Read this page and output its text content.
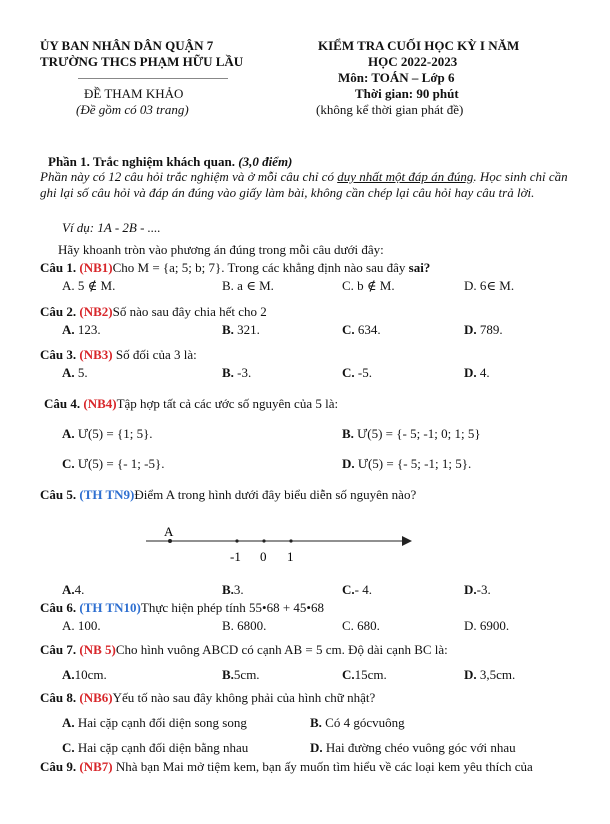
ỦY BAN NHÂN DÂN QUẬN 7
TRƯỜNG THCS PHẠM HỮU LẦU
ĐỀ THAM KHẢO
(Đề gồm có 03 trang)
KIỂM TRA CUỐI HỌC KỲ I NĂM
HỌC 2022-2023
Môn: TOÁN – Lớp 6
Thời gian: 90 phút
(không kể thời gian phát đề)
Phần 1. Trắc nghiệm khách quan. (3,0 điểm)
Phần này có 12 câu hỏi trắc nghiệm và ở mỗi câu chỉ có duy nhất một đáp án đúng. Học sinh chỉ cần ghi lại số câu hỏi và đáp án đúng vào giấy làm bài, không cần chép lại câu hỏi hay câu trả lời.
Ví dụ: 1A - 2B - ....
Hãy khoanh tròn vào phương án đúng trong mỗi câu dưới đây:
Câu 1. (NB1)Cho M = {a; 5; b; 7}. Trong các khẳng định nào sau đây sai?
A. 5 ∉ M.	B. a ∈ M.	C. b ∉ M.	D. 6∈ M.
Câu 2. (NB2)Số nào sau đây chia hết cho 2
A. 123.	B. 321.	C. 634.	D. 789.
Câu 3. (NB3) Số đối của 3 là:
A. 5.	B. -3.	C. -5.	D. 4.
Câu 4. (NB4)Tập hợp tất cả các ước số nguyên của 5 là:
A. Ư(5) = {1; 5}.	B. Ư(5) = {- 5; -1; 0; 1; 5}
C. Ư(5) = {- 1; -5}.	D. Ư(5) = {- 5; -1; 1; 5}.
Câu 5. (TH TN9)Điểm A trong hình dưới đây biểu diễn số nguyên nào?
A
-1 0 1
A.4.	B.3.	C.- 4.	D.-3.
Câu 6. (TH TN10)Thực hiện phép tính 55•68 + 45•68
A. 100.	B. 6800.	C. 680.	D. 6900.
Câu 7. (NB 5)Cho hình vuông ABCD có cạnh AB = 5 cm. Độ dài cạnh BC là:
A.10cm.	B.5cm.	C.15cm.	D. 3,5cm.
Câu 8. (NB6)Yếu tố nào sau đây không phải của hình chữ nhật?
A. Hai cặp cạnh đối diện song song	B. Có 4 gócvuông
C. Hai cặp cạnh đối diện bằng nhau	D. Hai đường chéo vuông góc với nhau
Câu 9. (NB7) Nhà bạn Mai mở tiệm kem, bạn ấy muốn tìm hiểu về các loại kem yêu thích của
